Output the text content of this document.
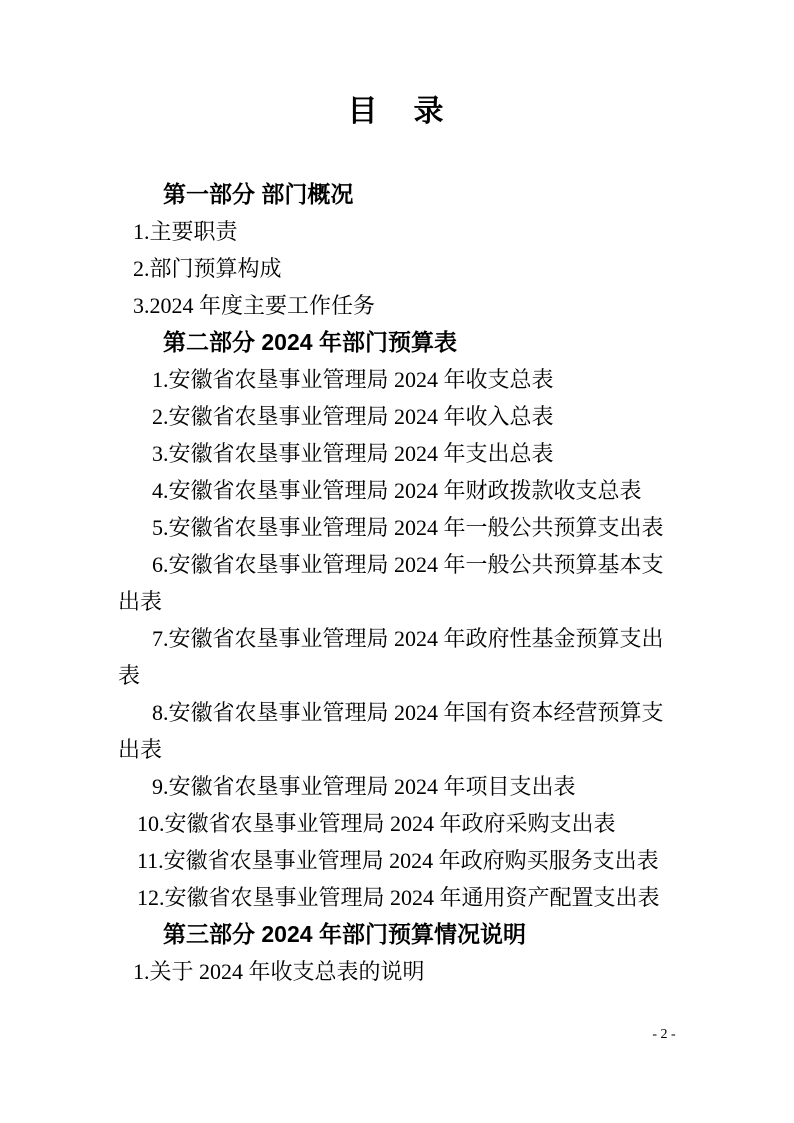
目　录

第一部分 部门概况

1.主要职责

2.部门预算构成

3.2024 年度主要工作任务

第二部分 2024 年部门预算表

1.安徽省农垦事业管理局 2024 年收支总表

2.安徽省农垦事业管理局 2024 年收入总表

3.安徽省农垦事业管理局 2024 年支出总表

4.安徽省农垦事业管理局 2024 年财政拨款收支总表

5.安徽省农垦事业管理局 2024 年一般公共预算支出表

6.安徽省农垦事业管理局 2024 年一般公共预算基本支出表

7.安徽省农垦事业管理局 2024 年政府性基金预算支出表

8.安徽省农垦事业管理局 2024 年国有资本经营预算支出表

9.安徽省农垦事业管理局 2024 年项目支出表

10.安徽省农垦事业管理局 2024 年政府采购支出表

11.安徽省农垦事业管理局 2024 年政府购买服务支出表

12.安徽省农垦事业管理局 2024 年通用资产配置支出表

第三部分 2024 年部门预算情况说明

1.关于 2024 年收支总表的说明

- 2 -
